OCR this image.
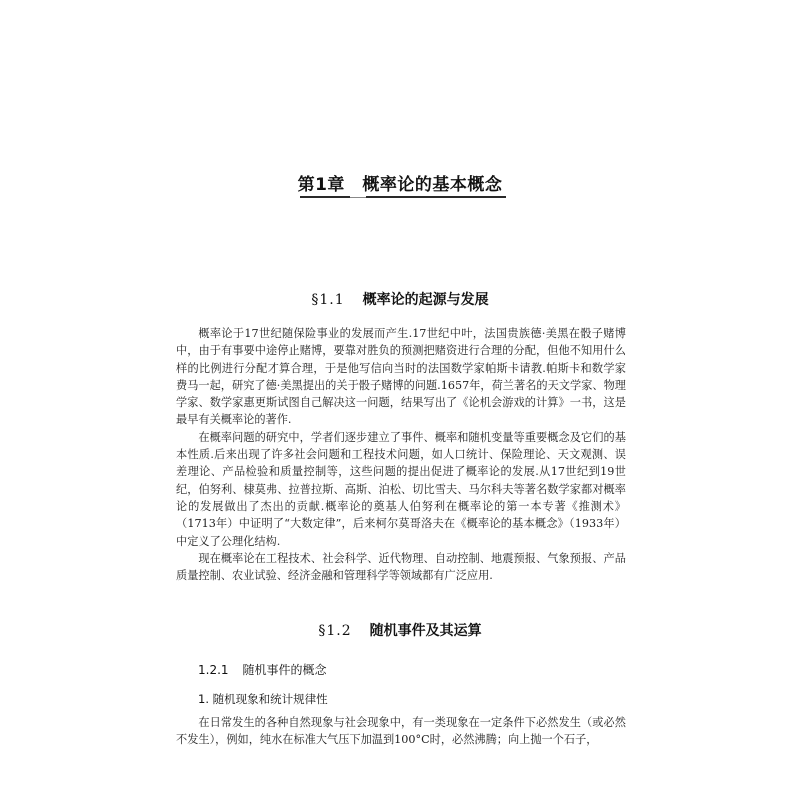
第1章　概率论的基本概念
§1.1 概率论的起源与发展

概率论于17世纪随保险事业的发展而产生.17世纪中叶，法国贵族德·美黑在骰子赌博中，由于有事要中途停止赌博，要靠对胜负的预测把赌资进行合理的分配，但他不知用什么样的比例进行分配才算合理，于是他写信向当时的法国数学家帕斯卡请教.帕斯卡和数学家费马一起，研究了德·美黑提出的关于骰子赌博的问题.1657年，荷兰著名的天文学家、物理学家、数学家惠更斯试图自己解决这一问题，结果写出了《论机会游戏的计算》一书，这是最早有关概率论的著作.

在概率问题的研究中，学者们逐步建立了事件、概率和随机变量等重要概念及它们的基本性质.后来出现了许多社会问题和工程技术问题，如人口统计、保险理论、天文观测、误差理论、产品检验和质量控制等，这些问题的提出促进了概率论的发展.从17世纪到19世纪，伯努利、棣莫弗、拉普拉斯、高斯、泊松、切比雪夫、马尔科夫等著名数学家都对概率论的发展做出了杰出的贡献.概率论的奠基人伯努利在概率论的第一本专著《推测术》（1713年）中证明了“大数定律”，后来柯尔莫哥洛夫在《概率论的基本概念》（1933年）中定义了公理化结构.

现在概率论在工程技术、社会科学、近代物理、自动控制、地震预报、气象预报、产品质量控制、农业试验、经济金融和管理科学等领域都有广泛应用.

§1.2 随机事件及其运算
1.2.1 随机事件的概念
1. 随机现象和统计规律性

在日常发生的各种自然现象与社会现象中，有一类现象在一定条件下必然发生（或必然不发生），例如，纯水在标准大气压下加温到100°C时，必然沸腾；向上抛一个石子，
